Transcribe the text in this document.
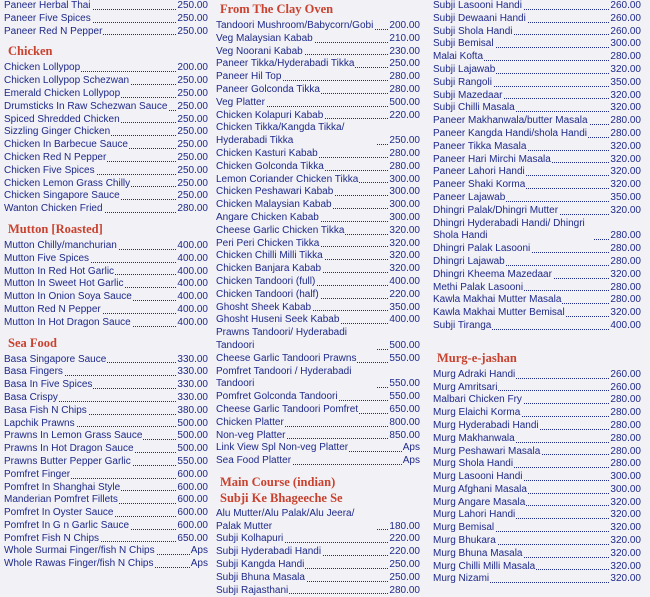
Paneer Herbal Thai	250.00
Paneer Five Spices	250.00
Paneer Red N Pepper	250.00
Chicken
Chicken Lollypop	200.00
Chicken Lollypop Schezwan	250.00
Emerald Chicken Lollypop	250.00
Drumsticks In Raw Schezwan Sauce 250.00
Spiced Shredded Chicken	250.00
Sizzling Ginger Chicken	250.00
Chicken In Barbecue Sauce	250.00
Chicken Red N Pepper	250.00
Chicken Five Spices	250.00
Chicken Lemon Grass Chilly	250.00
Chicken Singapore Sauce	250.00
Wanton Chicken Fried	280.00
Mutton [Roasted]
Mutton Chilly/manchurian	400.00
Mutton Five Spices	400.00
Mutton In Red Hot Garlic	400.00
Mutton In Sweet Hot Garlic	400.00
Mutton In Onion Soya Sauce	400.00
Mutton Red N Pepper	400.00
Mutton In Hot Dragon Sauce	400.00
Sea Food
Basa Singapore Sauce	330.00
Basa Fingers	330.00
Basa In Five Spices	330.00
Basa Crispy	330.00
Basa Fish N Chips	380.00
Lapchik Prawns	500.00
Prawns In Lemon Grass Sauce	500.00
Prawns In Hot Dragon Sauce	500.00
Prawns Butter Pepper Garlic	550.00
Pomfret Finger	600.00
Pomfret In Shanghai Style	600.00
Manderian Pomfret Fillets	600.00
Pomfret In Oyster Sauce	600.00
Pomfret In G n Garlic Sauce	600.00
Pomfret Fish N Chips	650.00
Whole Surmai Finger/fish N Chips	Aps
Whole Rawas Finger/fish N Chips	Aps
From The Clay Oven
Tandoori Mushroom/Babycorn/Gobi 200.00
Veg Malaysian Kabab	210.00
Veg Noorani Kabab	230.00
Paneer Tikka/Hyderabadi Tikka	250.00
Paneer Hil Top	280.00
Paneer Golconda Tikka	280.00
Veg Platter	500.00
Chicken Kolapuri Kabab	220.00
Chicken Tikka/Kangda Tikka/ Hyderabadi Tikka	250.00
Chicken Kasturi Kabab	280.00
Chicken Golconda Tikka	280.00
Lemon Coriander Chicken Tikka	300.00
Chicken Peshawari Kabab	300.00
Chicken Malaysian Kabab	300.00
Angare Chicken Kabab	300.00
Cheese Garlic Chicken Tikka	320.00
Peri Peri Chicken Tikka	320.00
Chicken Chilli Milli Tikka	320.00
Chicken Banjara Kabab	320.00
Chicken Tandoori (full)	400.00
Chicken Tandoori (half)	220.00
Ghosht Sheek Kabab	350.00
Ghosht Huseni Seek Kabab	400.00
Prawns Tandoori/ Hyderabadi Tandoori	500.00
Cheese Garlic Tandoori Prawns	550.00
Pomfret Tandoori / Hyderabadi Tandoori	550.00
Pomfret Golconda Tandoori	550.00
Cheese Garlic Tandoori Pomfret	650.00
Chicken Platter	800.00
Non-veg Platter	850.00
Link View Spl Non-veg Platter	Aps
Sea Food Platter	Aps
Main Course (indian)
Subji Ke Bhageeche Se
Alu Mutter/Alu Palak/Alu Jeera/ Palak Mutter	180.00
Subji Kolhapuri	220.00
Subji Hyderabadi Handi	220.00
Subji Kangda Handi	250.00
Subji Bhuna Masala	250.00
Subji Rajasthani	280.00
Subji Lasooni Handi	260.00
Subji Dewaani Handi	260.00
Subji Shola Handi	260.00
Subji Bemisal	300.00
Malai Kofta	280.00
Subji Lajawab	320.00
Subji Rangoli	350.00
Subji Mazedaar	320.00
Subji Chilli Masala	320.00
Paneer Makhanwala/butter Masala 280.00
Paneer Kangda Handi/shola Handi 280.00
Paneer Tikka Masala	320.00
Paneer Hari Mirchi Masala	320.00
Paneer Lahori Handi	320.00
Paneer Shaki Korma	320.00
Paneer Lajawab	350.00
Dhingri Palak/Dhingri Mutter	320.00
Dhingri Hyderabadi Handi/ Dhingri Shola Handi	280.00
Dhingri Palak Lasooni	280.00
Dhingri Lajawab	280.00
Dhingri Kheema Mazedaar	320.00
Methi Palak Lasooni	280.00
Kawla Makhai Mutter Masala	280.00
Kawla Makhai Mutter Bemisal	320.00
Subji Tiranga	400.00
Murg-e-jashan
Murg Adraki Handi	260.00
Murg Amritsari	260.00
Malbari Chicken Fry	280.00
Murg Elaichi Korma	280.00
Murg Hyderabadi Handi	280.00
Murg Makhanwala	280.00
Murg Peshawari Masala	280.00
Murg Shola Handi	280.00
Murg Lasooni Handi	300.00
Murg Afghani Masala	300.00
Murg Angare Masala	320.00
Murg Lahori Handi	320.00
Murg Bemisal	320.00
Murg Bhukara	320.00
Murg Bhuna Masala	320.00
Murg Chilli Milli Masala	320.00
Murg Nizami	320.00
